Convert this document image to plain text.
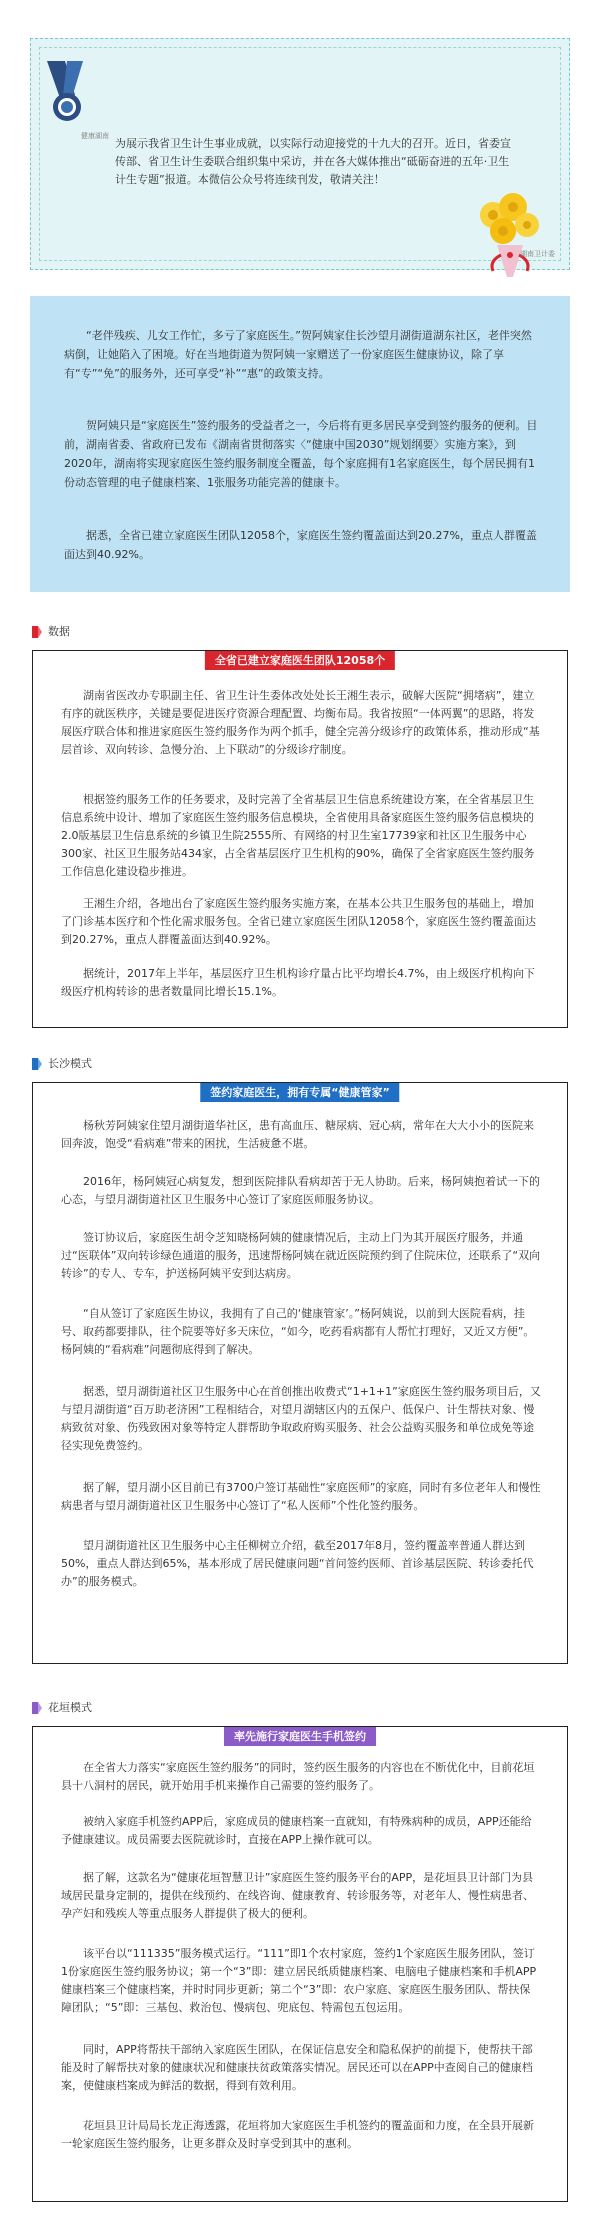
健康湖南
为展示我省卫生计生事业成就，以实际行动迎接党的十九大的召开。近日，省委宣传部、省卫生计生委联合组织集中采访，并在各大媒体推出“砥砺奋进的五年·卫生计生专题”报道。本微信公众号将连续刊发，敬请关注！
湖南卫计委

“老伴残疾、儿女工作忙，多亏了家庭医生。”贺阿姨家住长沙望月湖街道湖东社区，老伴突然病倒，让她陷入了困境。好在当地街道为贺阿姨一家赠送了一份家庭医生健康协议，除了享有“专”“免”的服务外，还可享受“补”“惠”的政策支持。

贺阿姨只是“家庭医生”签约服务的受益者之一，今后将有更多居民享受到签约服务的便利。目前，湖南省委、省政府已发布《湖南省贯彻落实〈“健康中国2030”规划纲要〉实施方案》，到2020年，湖南将实现家庭医生签约服务制度全覆盖，每个家庭拥有1名家庭医生，每个居民拥有1份动态管理的电子健康档案、1张服务功能完善的健康卡。

据悉，全省已建立家庭医生团队12058个，家庭医生签约覆盖面达到20.27%，重点人群覆盖面达到40.92%。

数据
全省已建立家庭医生团队12058个

湖南省医改办专职副主任、省卫生计生委体改处处长王湘生表示，破解大医院“拥堵病”，建立有序的就医秩序，关键是要促进医疗资源合理配置、均衡布局。我省按照“一体两翼”的思路，将发展医疗联合体和推进家庭医生签约服务作为两个抓手，健全完善分级诊疗的政策体系，推动形成“基层首诊、双向转诊、急慢分治、上下联动”的分级诊疗制度。

根据签约服务工作的任务要求，及时完善了全省基层卫生信息系统建设方案，在全省基层卫生信息系统中设计、增加了家庭医生签约服务信息模块，全省使用具备家庭医生签约服务信息模块的2.0版基层卫生信息系统的乡镇卫生院2555所、有网络的村卫生室17739家和社区卫生服务中心300家、社区卫生服务站434家，占全省基层医疗卫生机构的90%，确保了全省家庭医生签约服务工作信息化建设稳步推进。

王湘生介绍，各地出台了家庭医生签约服务实施方案，在基本公共卫生服务包的基础上，增加了门诊基本医疗和个性化需求服务包。全省已建立家庭医生团队12058个，家庭医生签约覆盖面达到20.27%，重点人群覆盖面达到40.92%。

据统计，2017年上半年，基层医疗卫生机构诊疗量占比平均增长4.7%，由上级医疗机构向下级医疗机构转诊的患者数量同比增长15.1%。

长沙模式
签约家庭医生，拥有专属“健康管家”

杨秋芳阿姨家住望月湖街道华社区，患有高血压、糖尿病、冠心病，常年在大大小小的医院来回奔波，饱受“看病难”带来的困扰，生活疲惫不堪。

2016年，杨阿姨冠心病复发，想到医院排队看病却苦于无人协助。后来，杨阿姨抱着试一下的心态，与望月湖街道社区卫生服务中心签订了家庭医师服务协议。

签订协议后，家庭医生胡令芝知晓杨阿姨的健康情况后，主动上门为其开展医疗服务，并通过“医联体”双向转诊绿色通道的服务，迅速帮杨阿姨在就近医院预约到了住院床位，还联系了“双向转诊”的专人、专车，护送杨阿姨平安到达病房。

“自从签订了家庭医生协议，我拥有了自己的‘健康管家’。”杨阿姨说，以前到大医院看病，挂号、取药都要排队，往个院要等好多天床位，“如今，吃药看病都有人帮忙打理好，又近又方便”。杨阿姨的“看病难”问题彻底得到了解决。

据悉，望月湖街道社区卫生服务中心在首创推出收费式“1+1+1”家庭医生签约服务项目后，又与望月湖街道“百万助老济困”工程相结合，对望月湖辖区内的五保户、低保户、计生帮扶对象、慢病致贫对象、伤残致困对象等特定人群帮助争取政府购买服务、社会公益购买服务和单位成免等途径实现免费签约。

据了解，望月湖小区目前已有3700户签订基础性“家庭医师”的家庭，同时有多位老年人和慢性病患者与望月湖街道社区卫生服务中心签订了“私人医师”个性化签约服务。

望月湖街道社区卫生服务中心主任柳树立介绍，截至2017年8月，签约覆盖率普通人群达到50%，重点人群达到65%，基本形成了居民健康问题“首问签约医师、首诊基层医院、转诊委托代办”的服务模式。

花垣模式
率先施行家庭医生手机签约

在全省大力落实“家庭医生签约服务”的同时，签约医生服务的内容也在不断优化中，目前花垣县十八洞村的居民，就开始用手机来操作自己需要的签约服务了。

被纳入家庭手机签约APP后，家庭成员的健康档案一直就知，有特殊病种的成员，APP还能给予健康建议。成员需要去医院就诊时，直接在APP上操作就可以。

据了解，这款名为“健康花垣智慧卫计”家庭医生签约服务平台的APP，是花垣县卫计部门为县域居民量身定制的，提供在线预约、在线咨询、健康教育、转诊服务等，对老年人、慢性病患者、孕产妇和残疾人等重点服务人群提供了极大的便利。

该平台以“111335”服务模式运行。“111”即1个农村家庭，签约1个家庭医生服务团队，签订1份家庭医生签约服务协议；第一个“3”即：建立居民纸质健康档案、电脑电子健康档案和手机APP健康档案三个健康档案，并时时同步更新；第二个“3”即：农户家庭、家庭医生服务团队、帮扶保障团队；“5”即：三基包、救治包、慢病包、兜底包、特需包五包运用。

同时，APP将帮扶干部纳入家庭医生团队，在保证信息安全和隐私保护的前提下，使帮扶干部能及时了解帮扶对象的健康状况和健康扶贫政策落实情况。居民还可以在APP中查阅自己的健康档案，使健康档案成为鲜活的数据，得到有效利用。

花垣县卫计局局长龙正海透露，花垣将加大家庭医生手机签约的覆盖面和力度，在全县开展新一轮家庭医生签约服务，让更多群众及时享受到其中的惠利。
